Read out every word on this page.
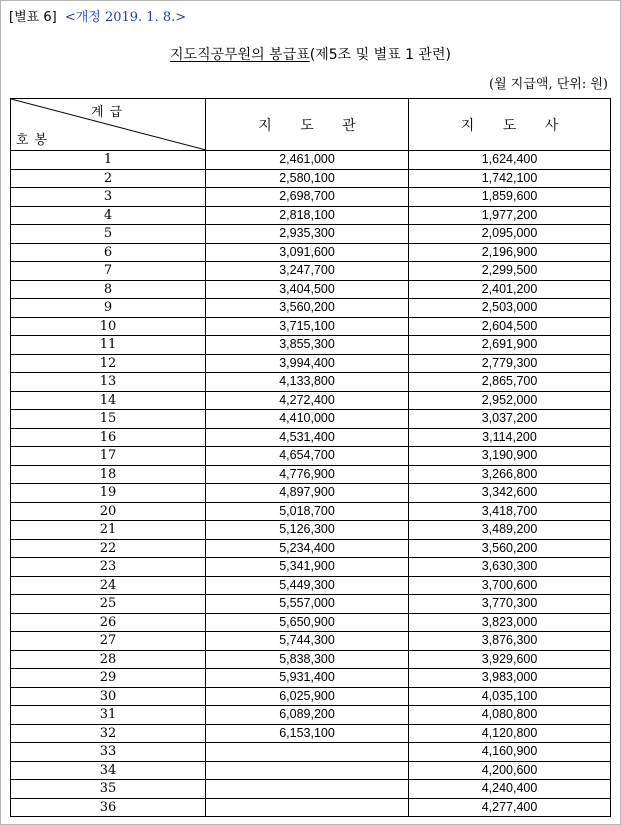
[별표 6] <개정 2019. 1. 8.>
지도직공무원의 봉급표(제5조 및 별표 1 관련)
(월 지급액, 단위: 원)
계급
호봉	지 도 관	지 도 사
1	2,461,000	1,624,400
2	2,580,100	1,742,100
3	2,698,700	1,859,600
4	2,818,100	1,977,200
5	2,935,300	2,095,000
6	3,091,600	2,196,900
7	3,247,700	2,299,500
8	3,404,500	2,401,200
9	3,560,200	2,503,000
10	3,715,100	2,604,500
11	3,855,300	2,691,900
12	3,994,400	2,779,300
13	4,133,800	2,865,700
14	4,272,400	2,952,000
15	4,410,000	3,037,200
16	4,531,400	3,114,200
17	4,654,700	3,190,900
18	4,776,900	3,266,800
19	4,897,900	3,342,600
20	5,018,700	3,418,700
21	5,126,300	3,489,200
22	5,234,400	3,560,200
23	5,341,900	3,630,300
24	5,449,300	3,700,600
25	5,557,000	3,770,300
26	5,650,900	3,823,000
27	5,744,300	3,876,300
28	5,838,300	3,929,600
29	5,931,400	3,983,000
30	6,025,900	4,035,100
31	6,089,200	4,080,800
32	6,153,100	4,120,800
33		4,160,900
34		4,200,600
35		4,240,400
36		4,277,400
